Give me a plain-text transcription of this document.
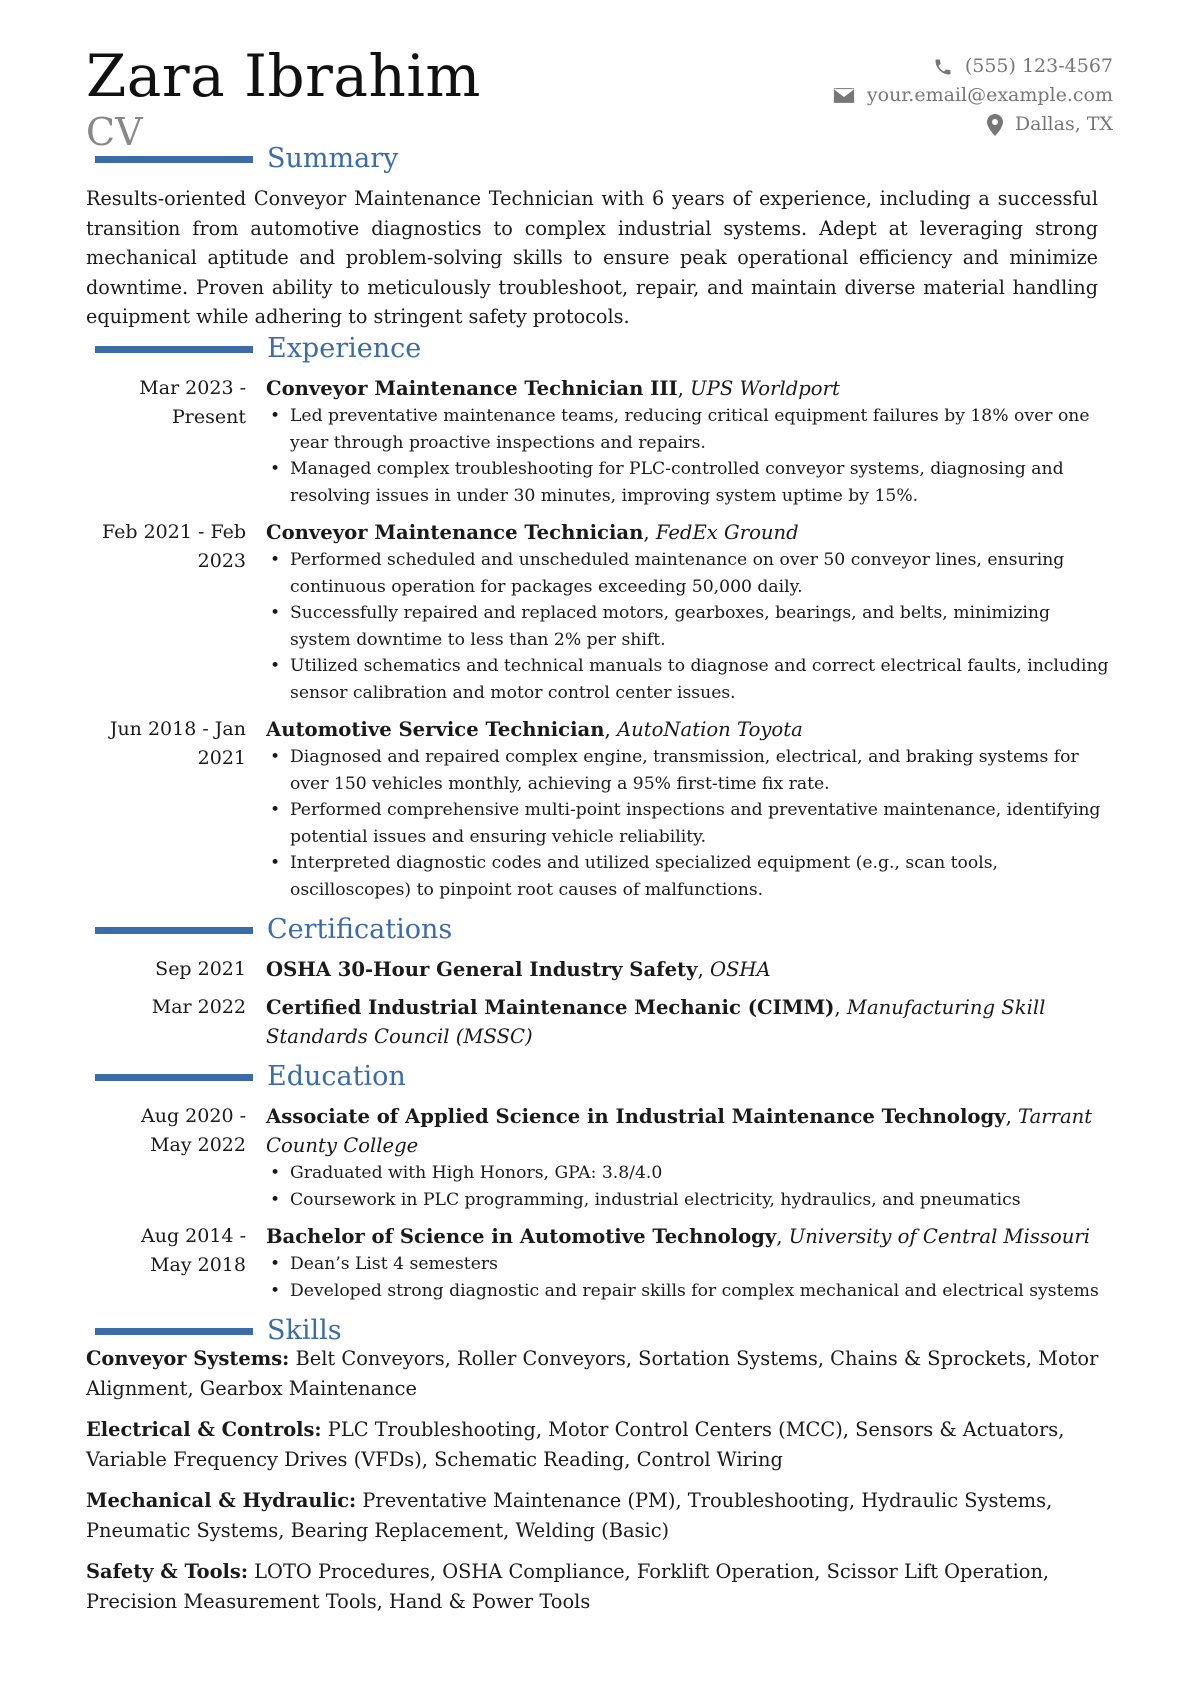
Zara Ibrahim
CV
(555) 123-4567
your.email@example.com
Dallas, TX
Summary
Results-oriented Conveyor Maintenance Technician with 6 years of experience, including a successful transition from automotive diagnostics to complex industrial systems. Adept at leveraging strong mechanical aptitude and problem-solving skills to ensure peak operational efficiency and minimize downtime. Proven ability to meticulously troubleshoot, repair, and maintain diverse material handling equipment while adhering to stringent safety protocols.
Experience
Mar 2023 -
Present
Conveyor Maintenance Technician III, UPS Worldport
• Led preventative maintenance teams, reducing critical equipment failures by 18% over one year through proactive inspections and repairs.
• Managed complex troubleshooting for PLC-controlled conveyor systems, diagnosing and resolving issues in under 30 minutes, improving system uptime by 15%.
Feb 2021 - Feb
2023
Conveyor Maintenance Technician, FedEx Ground
• Performed scheduled and unscheduled maintenance on over 50 conveyor lines, ensuring continuous operation for packages exceeding 50,000 daily.
• Successfully repaired and replaced motors, gearboxes, bearings, and belts, minimizing system downtime to less than 2% per shift.
• Utilized schematics and technical manuals to diagnose and correct electrical faults, including sensor calibration and motor control center issues.
Jun 2018 - Jan
2021
Automotive Service Technician, AutoNation Toyota
• Diagnosed and repaired complex engine, transmission, electrical, and braking systems for over 150 vehicles monthly, achieving a 95% first-time fix rate.
• Performed comprehensive multi-point inspections and preventative maintenance, identifying potential issues and ensuring vehicle reliability.
• Interpreted diagnostic codes and utilized specialized equipment (e.g., scan tools, oscilloscopes) to pinpoint root causes of malfunctions.
Certifications
Sep 2021	OSHA 30-Hour General Industry Safety, OSHA
Mar 2022	Certified Industrial Maintenance Mechanic (CIMM), Manufacturing Skill Standards Council (MSSC)
Education
Aug 2020 -
May 2022
Associate of Applied Science in Industrial Maintenance Technology, Tarrant County College
• Graduated with High Honors, GPA: 3.8/4.0
• Coursework in PLC programming, industrial electricity, hydraulics, and pneumatics
Aug 2014 -
May 2018
Bachelor of Science in Automotive Technology, University of Central Missouri
• Dean’s List 4 semesters
• Developed strong diagnostic and repair skills for complex mechanical and electrical systems
Skills
Conveyor Systems: Belt Conveyors, Roller Conveyors, Sortation Systems, Chains & Sprockets, Motor Alignment, Gearbox Maintenance
Electrical & Controls: PLC Troubleshooting, Motor Control Centers (MCC), Sensors & Actuators, Variable Frequency Drives (VFDs), Schematic Reading, Control Wiring
Mechanical & Hydraulic: Preventative Maintenance (PM), Troubleshooting, Hydraulic Systems, Pneumatic Systems, Bearing Replacement, Welding (Basic)
Safety & Tools: LOTO Procedures, OSHA Compliance, Forklift Operation, Scissor Lift Operation, Precision Measurement Tools, Hand & Power Tools
